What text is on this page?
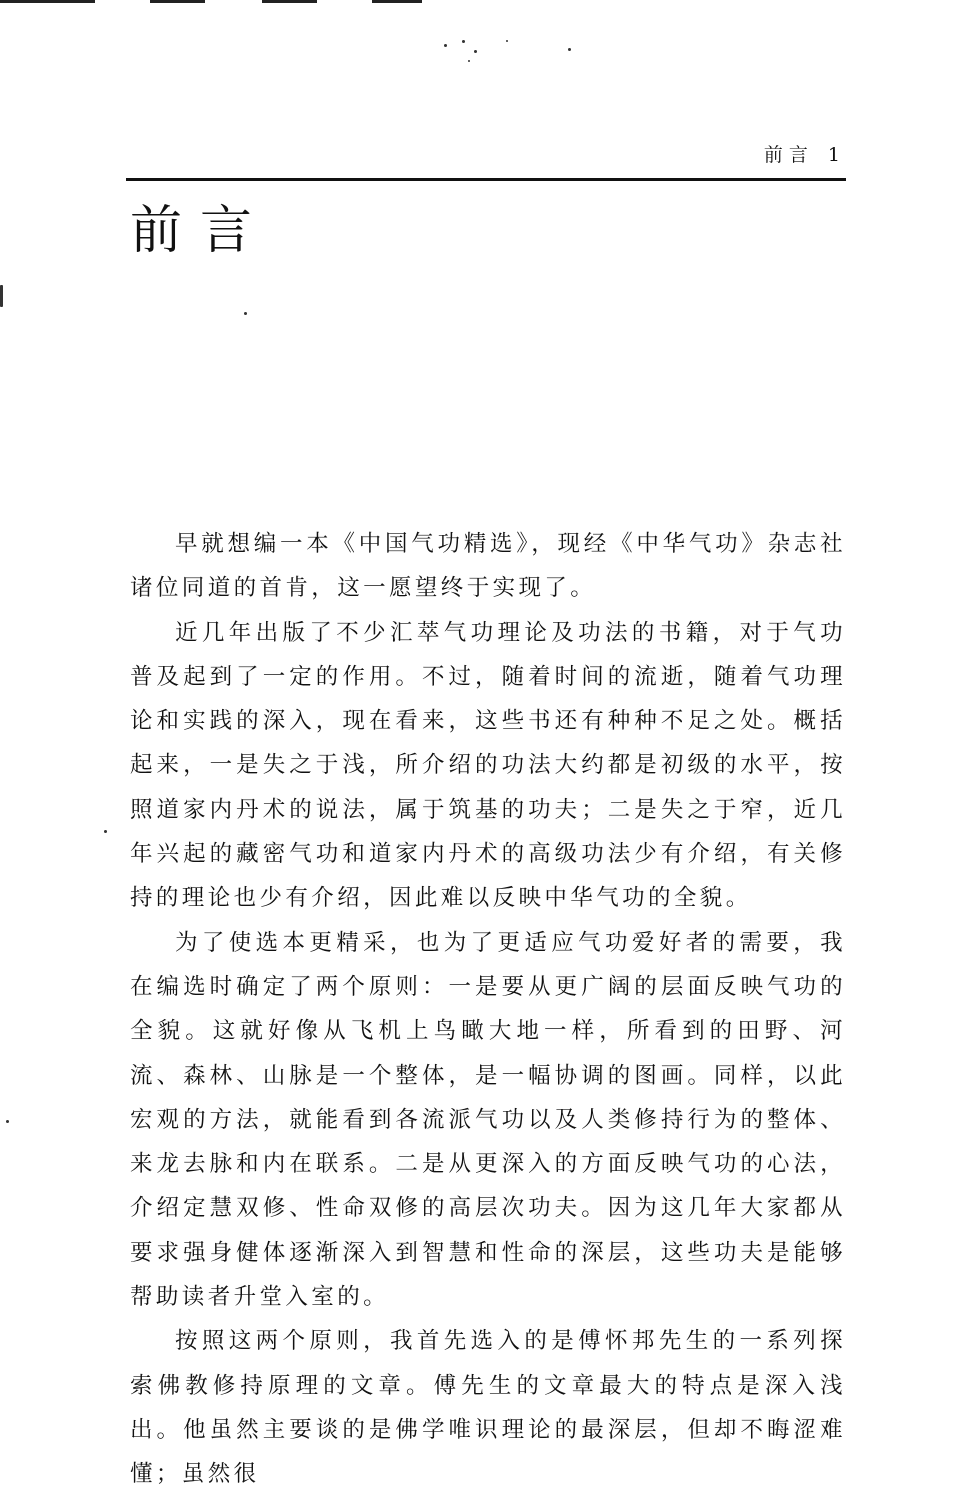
前言 1
前言

早就想编一本《中国气功精选》，现经《中华气功》杂志社诸位同道的首肯，这一愿望终于实现了。

近几年出版了不少汇萃气功理论及功法的书籍，对于气功普及起到了一定的作用。不过，随着时间的流逝，随着气功理论和实践的深入，现在看来，这些书还有种种不足之处。概括起来，一是失之于浅，所介绍的功法大约都是初级的水平，按照道家内丹术的说法，属于筑基的功夫；二是失之于窄，近几年兴起的藏密气功和道家内丹术的高级功法少有介绍，有关修持的理论也少有介绍，因此难以反映中华气功的全貌。

为了使选本更精采，也为了更适应气功爱好者的需要，我在编选时确定了两个原则：一是要从更广阔的层面反映气功的全貌。这就好像从飞机上鸟瞰大地一样，所看到的田野、河流、森林、山脉是一个整体，是一幅协调的图画。同样，以此宏观的方法，就能看到各流派气功以及人类修持行为的整体、来龙去脉和内在联系。二是从更深入的方面反映气功的心法，介绍定慧双修、性命双修的高层次功夫。因为这几年大家都从要求强身健体逐渐深入到智慧和性命的深层，这些功夫是能够帮助读者升堂入室的。

按照这两个原则，我首先选入的是傅怀邦先生的一系列探索佛教修持原理的文章。傅先生的文章最大的特点是深入浅出。他虽然主要谈的是佛学唯识理论的最深层，但却不晦涩难懂；虽然很
